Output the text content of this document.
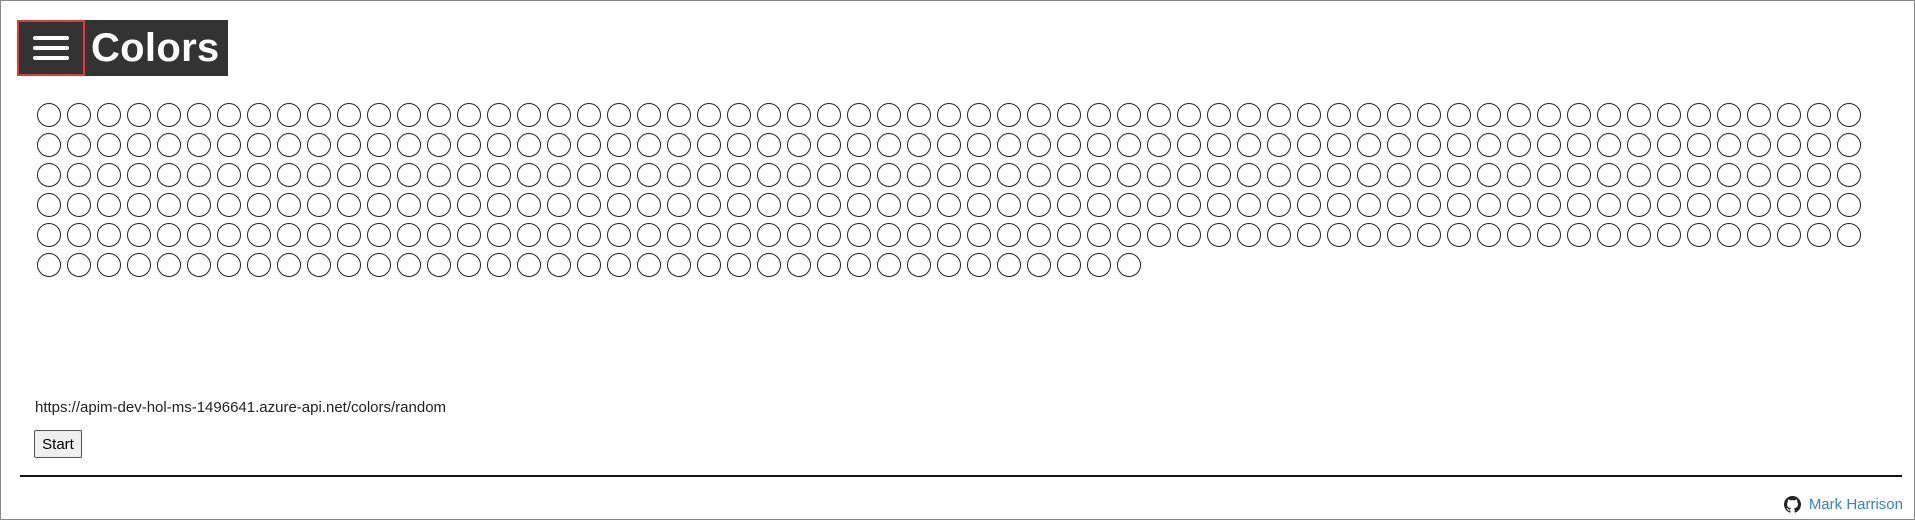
Colors
https://apim-dev-hol-ms-1496641.azure-api.net/colors/random
Start
Mark Harrison
